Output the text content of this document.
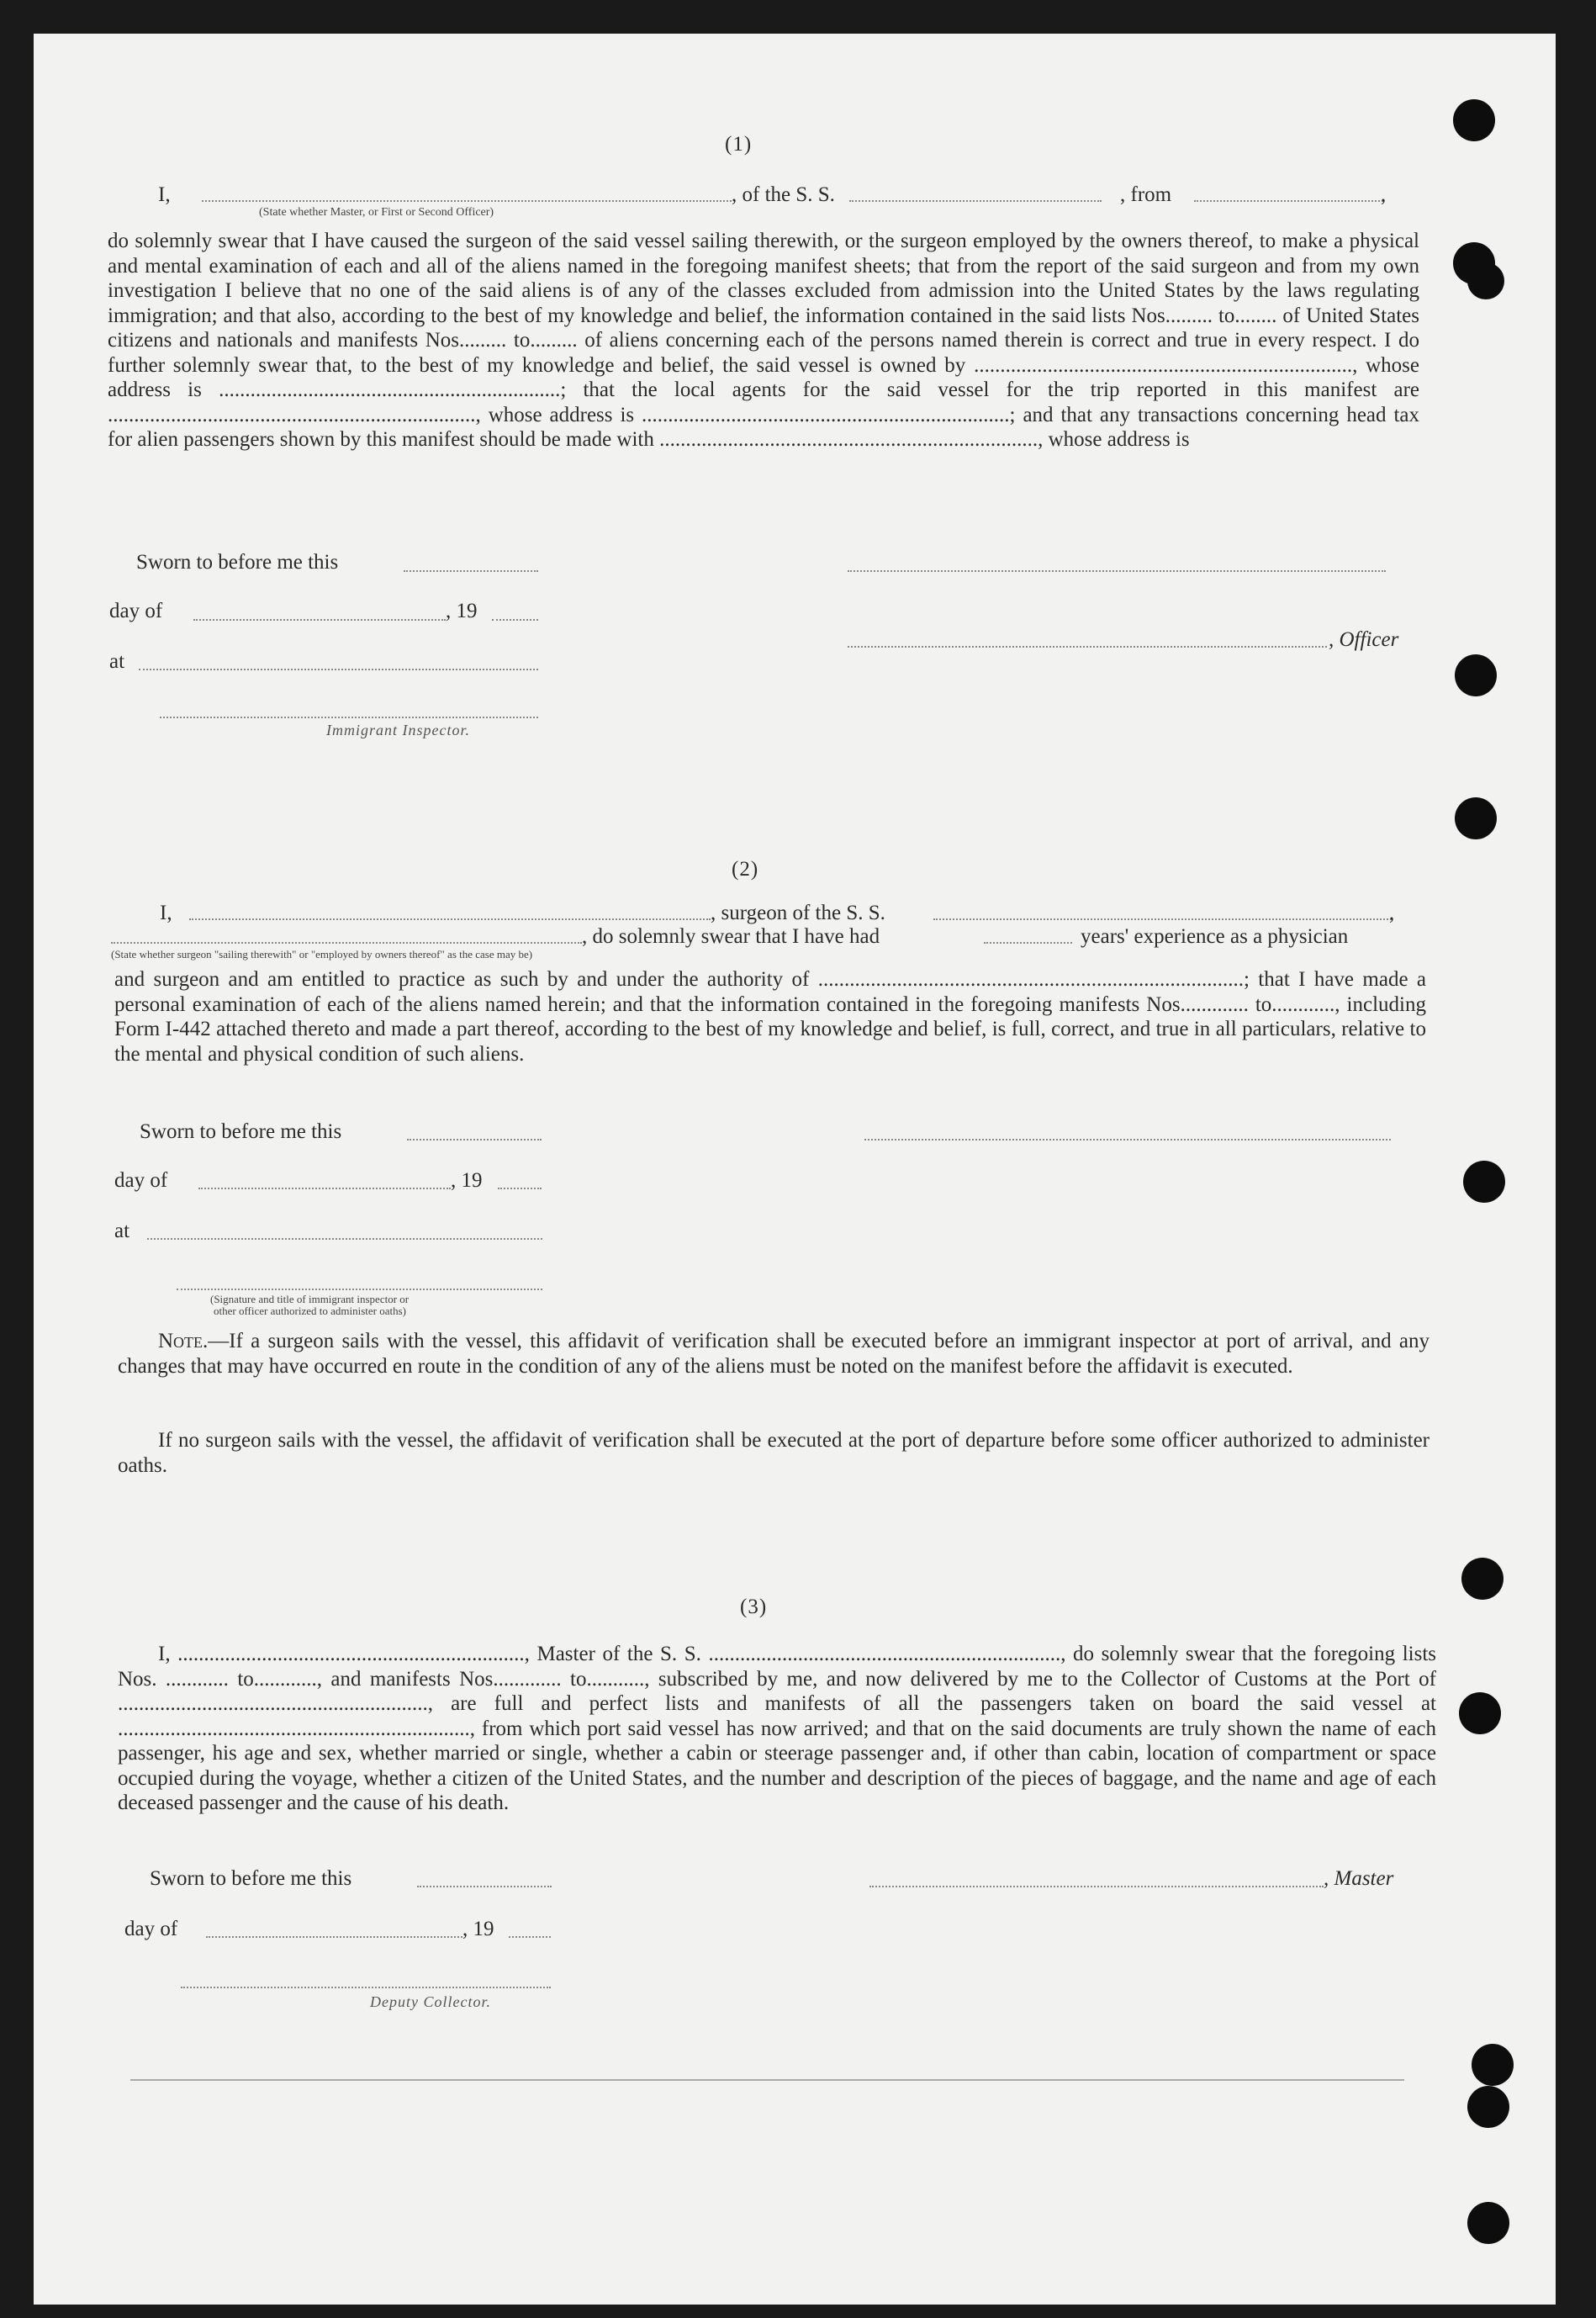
(1)
I,	, of the S. S.	, from	,
(State whether Master, or First or Second Officer)
do solemnly swear that I have caused the surgeon of the said vessel sailing therewith, or the surgeon employed by the owners thereof, to make a physical and mental examination of each and all of the aliens named in the foregoing manifest sheets; that from the report of the said surgeon and from my own investigation I believe that no one of the said aliens is of any of the classes excluded from admission into the United States by the laws regulating immigration; and that also, according to the best of my knowledge and belief, the information contained in the said lists Nos......... to........ of United States citizens and nationals and manifests Nos......... to......... of aliens concerning each of the persons named therein is correct and true in every respect. I do further solemnly swear that, to the best of my knowledge and belief, the said vessel is owned by ........................................................................, whose address is .................................................................; that the local agents for the said vessel for the trip reported in this manifest are ......................................................................, whose address is ......................................................................; and that any transactions concerning head tax for alien passengers shown by this manifest should be made with ........................................................................, whose address is
Sworn to before me this
day of	, 19
, Officer
at
Immigrant Inspector.
(2)
I,	, surgeon of the S. S.	,
, do solemnly swear that I have had	years' experience as a physician
(State whether surgeon "sailing therewith" or "employed by owners thereof" as the case may be)
and surgeon and am entitled to practice as such by and under the authority of .................................................................................; that I have made a personal examination of each of the aliens named herein; and that the information contained in the foregoing manifests Nos............. to............, including Form I-442 attached thereto and made a part thereof, according to the best of my knowledge and belief, is full, correct, and true in all particulars, relative to the mental and physical condition of such aliens.
Sworn to before me this
day of	, 19
at
(Signature and title of immigrant inspector or
other officer authorized to administer oaths)
Note.—If a surgeon sails with the vessel, this affidavit of verification shall be executed before an immigrant inspector at port of arrival, and any changes that may have occurred en route in the condition of any of the aliens must be noted on the manifest before the affidavit is executed.
If no surgeon sails with the vessel, the affidavit of verification shall be executed at the port of departure before some officer authorized to administer oaths.
(3)
I, .................................................................., Master of the S. S. ..................................................................., do solemnly swear that the foregoing lists Nos. ............ to............, and manifests Nos............. to..........., subscribed by me, and now delivered by me to the Collector of Customs at the Port of ..........................................................., are full and perfect lists and manifests of all the passengers taken on board the said vessel at ..................................................................., from which port said vessel has now arrived; and that on the said documents are truly shown the name of each passenger, his age and sex, whether married or single, whether a cabin or steerage passenger and, if other than cabin, location of compartment or space occupied during the voyage, whether a citizen of the United States, and the number and description of the pieces of baggage, and the name and age of each deceased passenger and the cause of his death.
Sworn to before me this	, Master
day of	, 19
Deputy Collector.
